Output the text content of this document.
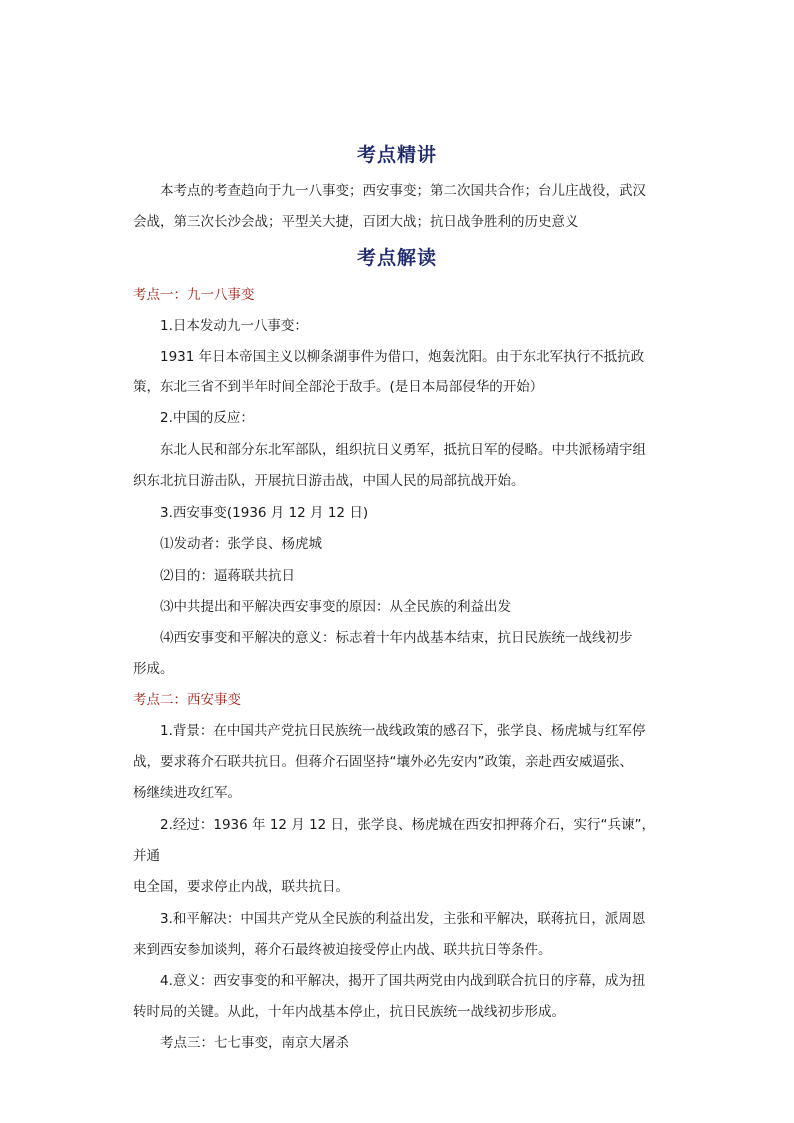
考点精讲
本考点的考查趋向于九一八事变；西安事变；第二次国共合作；台儿庄战役，武汉
会战，第三次长沙会战；平型关大捷，百团大战；抗日战争胜利的历史意义
考点解读
考点一：九一八事变
1.日本发动九一八事变：
1931 年日本帝国主义以柳条湖事件为借口，炮轰沈阳。由于东北军执行不抵抗政
策，东北三省不到半年时间全部沦于敌手。(是日本局部侵华的开始）
2.中国的反应：
东北人民和部分东北军部队，组织抗日义勇军，抵抗日军的侵略。中共派杨靖宇组
织东北抗日游击队，开展抗日游击战，中国人民的局部抗战开始。
3.西安事变(1936 月 12 月 12 日)
⑴发动者：张学良、杨虎城
⑵目的：逼蒋联共抗日
⑶中共提出和平解决西安事变的原因：从全民族的利益出发
⑷西安事变和平解决的意义：标志着十年内战基本结束，抗日民族统一战线初步
形成。
考点二：西安事变
1.背景：在中国共产党抗日民族统一战线政策的感召下，张学良、杨虎城与红军停
战，要求蒋介石联共抗日。但蒋介石固坚持“壤外必先安内”政策，亲赴西安威逼张、
杨继续进攻红军。
2.经过：1936 年 12 月 12 日，张学良、杨虎城在西安扣押蒋介石，实行“兵谏”，
并通
电全国，要求停止内战，联共抗日。
3.和平解决：中国共产党从全民族的利益出发，主张和平解决，联蒋抗日，派周恩
来到西安参加谈判，蒋介石最终被迫接受停止内战、联共抗日等条件。
4.意义：西安事变的和平解决，揭开了国共两党由内战到联合抗日的序幕，成为扭
转时局的关键。从此，十年内战基本停止，抗日民族统一战线初步形成。
考点三：七七事变，南京大屠杀
